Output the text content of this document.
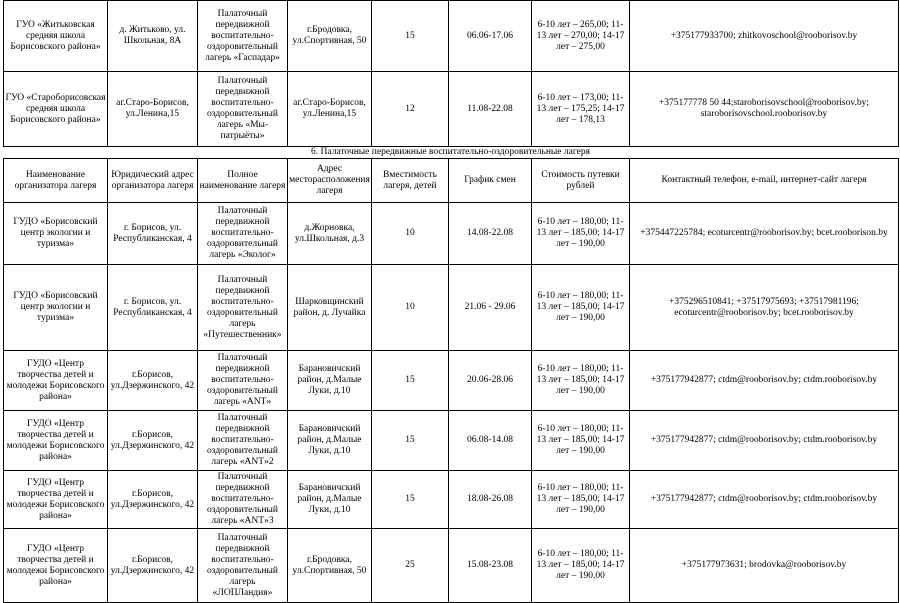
ГУО «Житьковская средняя школа Борисовского района»	д. Житьково, ул. Школьная, 8А	Палаточный передвижной воспитательно-оздоровительный лагерь «Гаспадар»	г.Бродовка, ул.Спортивная, 50	15	06.06-17.06	6-10 лет – 265,00; 11-13 лет – 270,00; 14-17 лет – 275,00	+375177933700; zhitkovoschool@rooborisov.by
ГУО «Староборисовская средняя школа Борисовского района»	аг.Старо-Борисов, ул.Ленина,15	Палаточный передвижной воспитательно-оздоровительный лагерь «Мы-патрыёты»	аг.Старо-Борисов, ул.Ленина,15	12	11.08-22.08	6-10 лет – 173,00; 11-13 лет – 175,25; 14-17 лет – 178,13	+375177778 50 44;staroborisovschool@rooborisov.by; staroborisovschool.rooborisov.by
6. Палаточные передвижные воспитательно-оздоровительные лагеря
Наименование организатора лагеря	Юридический адрес организатора лагеря	Полное наименование лагеря	Адрес месторасположения лагеря	Вместимость лагеря, детей	График смен	Стоимость путевки рублей	Контактный телефон, e-mail, интернет-сайт лагеря
ГУДО «Борисовский центр экологии и туризма»	г. Борисов, ул. Республиканская, 4	Палаточный передвижной воспитательно-оздоровительный лагерь «Эколог»	д.Жорновка, ул.Школьная, д.3	10	14.08-22.08	6-10 лет – 180,00; 11-13 лет – 185,00; 14-17 лет – 190,00	+375447225784; ecoturcentr@rooborisov.by; bcet.rooborison.by
ГУДО «Борисовский центр экологии и туризма»	г. Борисов, ул. Республиканская, 4	Палаточный передвижной воспитательно-оздоровительный лагерь «Путешественник»	Шарковщинский район, д. Лучайка	10	21.06 - 29.06	6-10 лет – 180,00; 11-13 лет – 185,00; 14-17 лет – 190,00	+375296510841; +37517975693; +37517981196; ecoturcentr@rooborisov.by; bcet.rooborisov.by
ГУДО «Центр творчества детей и молодежи Борисовского района»	г.Борисов, ул.Дзержинского, 42	Палаточный передвижной воспитательно-оздоровительный лагерь «ANT»	Барановичский район, д.Малые Луки, д.10	15	20.06-28.06	6-10 лет – 180,00; 11-13 лет – 185,00; 14-17 лет – 190,00	+375177942877; ctdm@rooborisov.by; ctdm.rooborisov.by
ГУДО «Центр творчества детей и молодежи Борисовского района»	г.Борисов, ул.Дзержинского, 42	Палаточный передвижной воспитательно-оздоровительный лагерь «ANT»2	Барановичский район, д.Малые Луки, д.10	15	06.08-14.08	6-10 лет – 180,00; 11-13 лет – 185,00; 14-17 лет – 190,00	+375177942877; ctdm@rooborisov.by; ctdm.rooborisov.by
ГУДО «Центр творчества детей и молодежи Борисовского района»	г.Борисов, ул.Дзержинского, 42	Палаточный передвижной воспитательно-оздоровительный лагерь «ANT»3	Барановичский район, д.Малые Луки, д.10	15	18.08-26.08	6-10 лет – 180,00; 11-13 лет – 185,00; 14-17 лет – 190,00	+375177942877; ctdm@rooborisov.by; ctdm.rooborisov.by
ГУДО «Центр творчества детей и молодежи Борисовского района»	г.Борисов, ул.Дзержинского, 42	Палаточный передвижной воспитательно-оздоровительный лагерь «ЛОПЛандия»	г.Бродовка, ул.Спортивная, 50	25	15.08-23.08	6-10 лет – 180,00; 11-13 лет – 185,00; 14-17 лет – 190,00	+375177973631; brodovka@rooborisov.by
